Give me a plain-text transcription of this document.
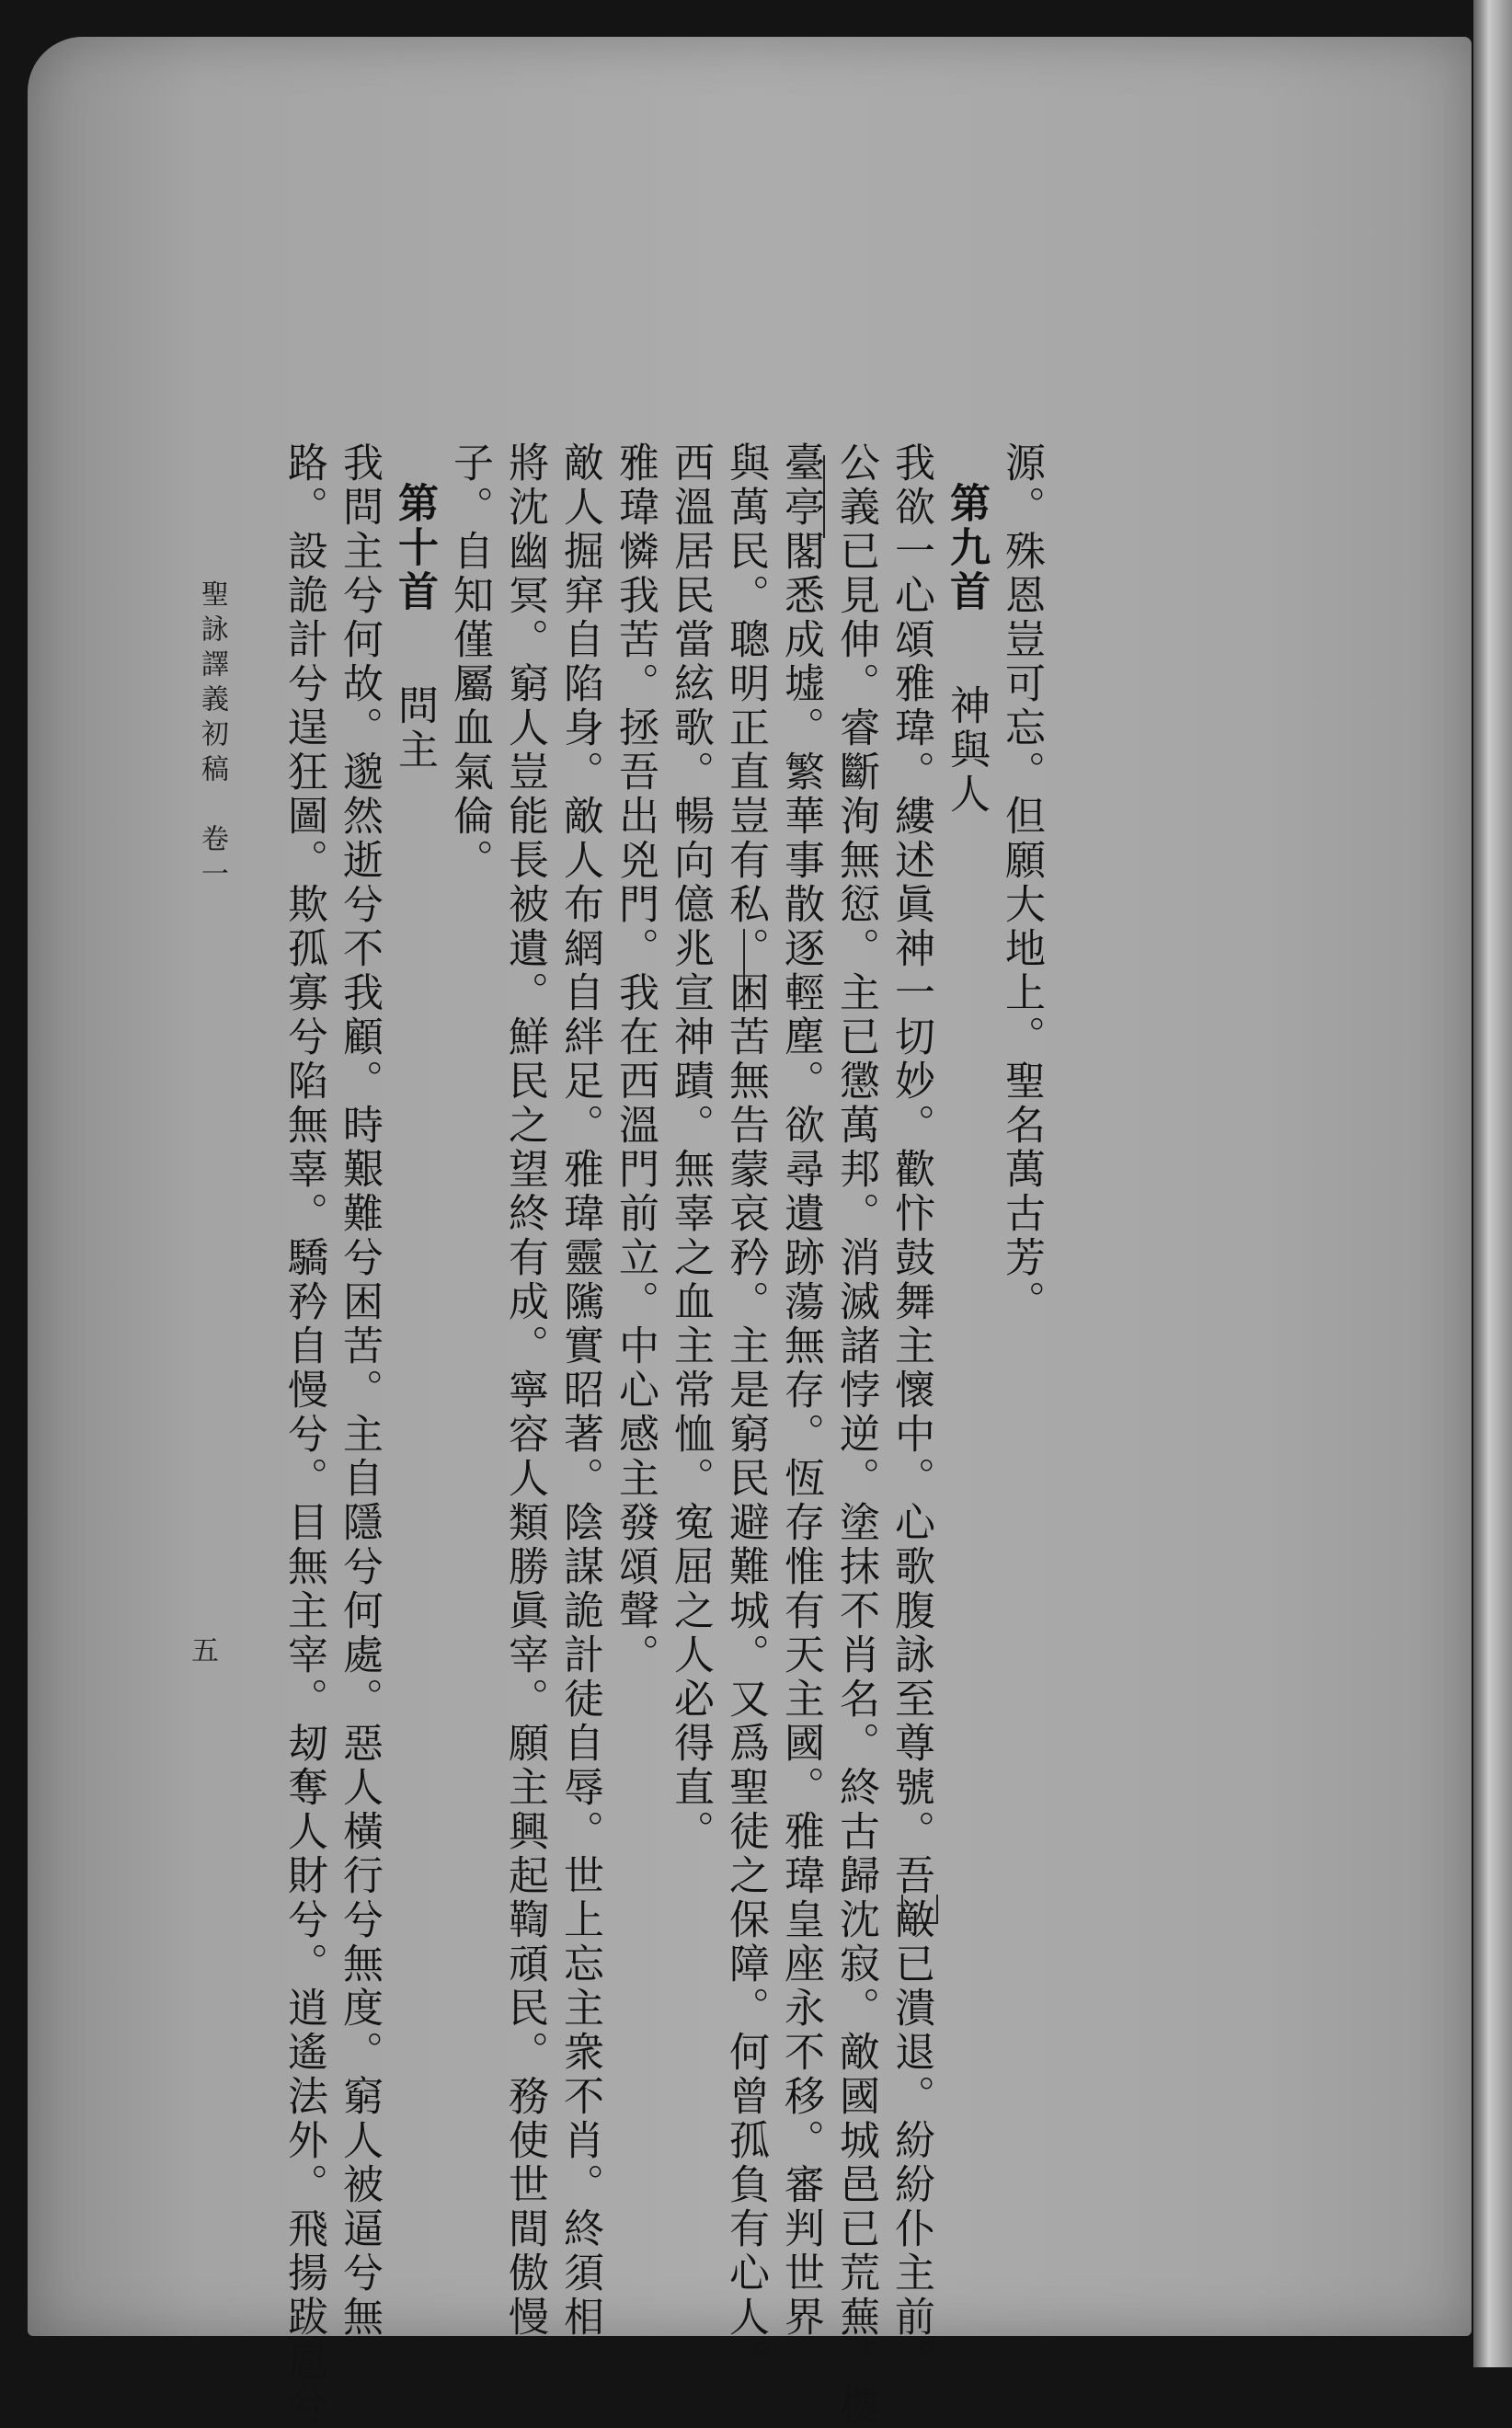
源。殊恩豈可忘。但願大地上。聖名萬古芳。
第九首　神與人
我欲一心頌雅瑋。縷述眞神一切妙。歡忭鼓舞主懷中。心歌腹詠至尊號。吾敵已潰退。紛紛仆主前。
公義已見伸。睿斷洵無愆。主已懲萬邦。消滅諸悖逆。塗抹不肖名。終古歸沈寂。敵國城邑已荒蕪。樓
臺亭閣悉成墟。繁華事散逐輕塵。欲尋遺跡蕩無存。恆存惟有天主國。雅瑋皇座永不移。審判世界
與萬民。聰明正直豈有私。困苦無告蒙哀矜。主是窮民避難城。又爲聖徒之保障。何曾孤負有心人。
西溫居民當絃歌。暢向億兆宣神蹟。無辜之血主常恤。寃屈之人必得直。
雅瑋憐我苦。拯吾出兇門。我在西溫門前立。中心感主發頌聲。
敵人掘穽自陷身。敵人布網自絆足。雅瑋靈隲實昭著。陰謀詭計徒自辱。世上忘主衆不肖。終須相
將沈幽冥。窮人豈能長被遺。鮮民之望終有成。寧容人類勝眞宰。願主興起鞫頑民。務使世間傲慢
子。自知僅屬血氣倫。
第十首　問主
我問主兮何故。邈然逝兮不我顧。時艱難兮困苦。主自隱兮何處。惡人橫行兮無度。窮人被逼兮無
路。設詭計兮逞狂圖。欺孤寡兮陷無辜。驕矜自慢兮。目無主宰。刼奪人財兮。逍遙法外。飛揚跋扈兮
聖詠譯義初稿　卷一
五
